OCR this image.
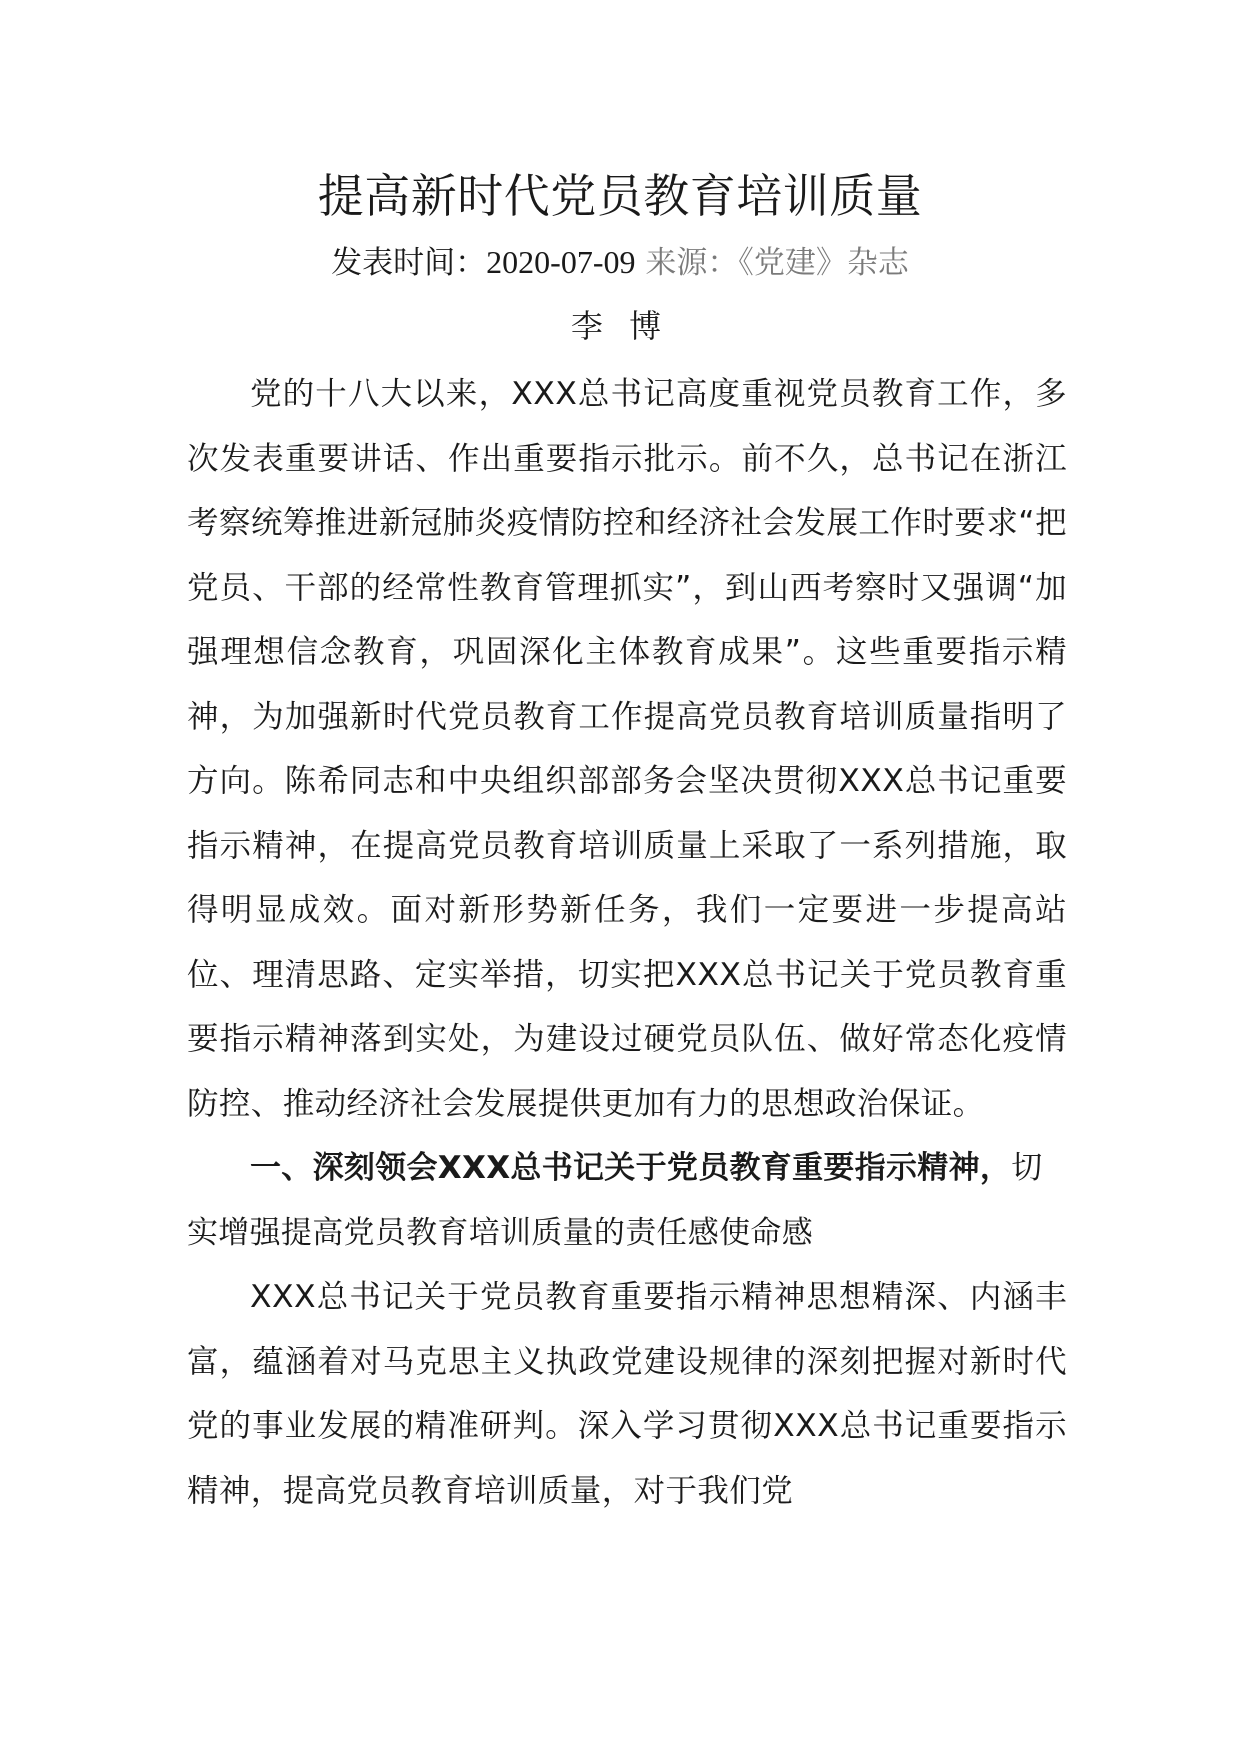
提高新时代党员教育培训质量
发表时间：2020-07-09 来源：《党建》杂志
李 博

党的十八大以来，XXX总书记高度重视党员教育工作，多次发表重要讲话、作出重要指示批示。前不久，总书记在浙江考察统筹推进新冠肺炎疫情防控和经济社会发展工作时要求“把党员、干部的经常性教育管理抓实”，到山西考察时又强调“加强理想信念教育，巩固深化主体教育成果”。这些重要指示精神，为加强新时代党员教育工作提高党员教育培训质量指明了方向。陈希同志和中央组织部部务会坚决贯彻XXX总书记重要指示精神，在提高党员教育培训质量上采取了一系列措施，取得明显成效。面对新形势新任务，我们一定要进一步提高站位、理清思路、定实举措，切实把XXX总书记关于党员教育重要指示精神落到实处，为建设过硬党员队伍、做好常态化疫情防控、推动经济社会发展提供更加有力的思想政治保证。

一、深刻领会XXX总书记关于党员教育重要指示精神，切实增强提高党员教育培训质量的责任感使命感

XXX总书记关于党员教育重要指示精神思想精深、内涵丰富，蕴涵着对马克思主义执政党建设规律的深刻把握对新时代党的事业发展的精准研判。深入学习贯彻XXX总书记重要指示精神，提高党员教育培训质量，对于我们党
